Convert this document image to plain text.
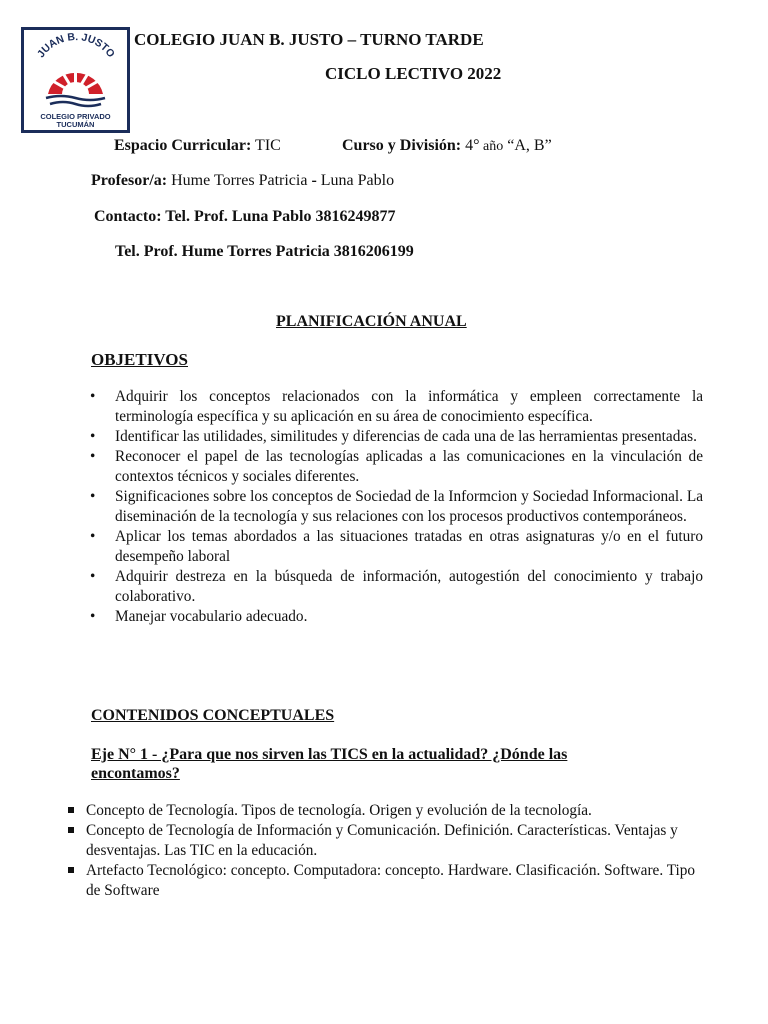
JUAN B. JUSTO
COLEGIO PRIVADO
TUCUMÁN
COLEGIO JUAN B. JUSTO – TURNO TARDE
CICLO LECTIVO 2022
Espacio Curricular: TIC	Curso y División: 4° año “A, B”
Profesor/a: Hume Torres Patricia - Luna Pablo
Contacto: Tel. Prof. Luna Pablo 3816249877
Tel. Prof. Hume Torres Patricia 3816206199
PLANIFICACIÓN ANUAL
OBJETIVOS
• Adquirir los conceptos relacionados con la informática y empleen correctamente la terminología específica y su aplicación en su área de conocimiento específica.
• Identificar las utilidades, similitudes y diferencias de cada una de las herramientas presentadas.
• Reconocer el papel de las tecnologías aplicadas a las comunicaciones en la vinculación de contextos técnicos y sociales diferentes.
• Significaciones sobre los conceptos de Sociedad de la Informcion y Sociedad Informacional. La diseminación de la tecnología y sus relaciones con los procesos productivos contemporáneos.
• Aplicar los temas abordados a las situaciones tratadas en otras asignaturas y/o en el futuro desempeño laboral
• Adquirir destreza en la búsqueda de información, autogestión del conocimiento y trabajo colaborativo.
• Manejar vocabulario adecuado.
CONTENIDOS CONCEPTUALES
Eje N° 1 - ¿Para que nos sirven las TICS en la actualidad? ¿Dónde las encontamos?
Concepto de Tecnología. Tipos de tecnología. Origen y evolución de la tecnología.
Concepto de Tecnología de Información y Comunicación. Definición. Características. Ventajas y desventajas. Las TIC en la educación.
Artefacto Tecnológico: concepto. Computadora: concepto. Hardware. Clasificación. Software. Tipo de Software
